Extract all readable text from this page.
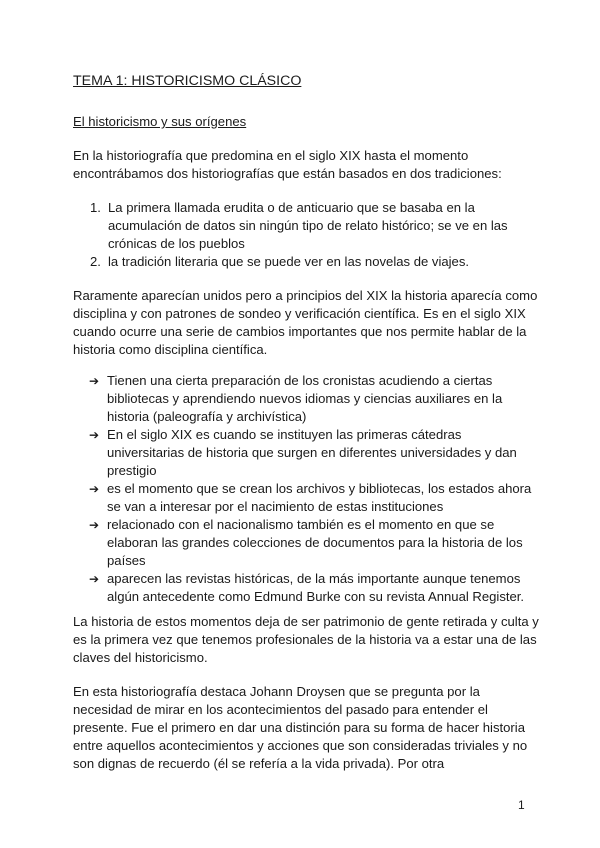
TEMA 1: HISTORICISMO CLÁSICO
El historicismo y sus orígenes

En la historiografía que predomina en el siglo XIX hasta el momento encontrábamos dos historiografías que están basados en dos tradiciones:

1. La primera llamada erudita o de anticuario que se basaba en la acumulación de datos sin ningún tipo de relato histórico; se ve en las crónicas de los pueblos
2. la tradición literaria que se puede ver en las novelas de viajes.

Raramente aparecían unidos pero a principios del XIX la historia aparecía como disciplina y con patrones de sondeo y verificación científica. Es en el siglo XIX cuando ocurre una serie de cambios importantes que nos permite hablar de la historia como disciplina científica.

➔ Tienen una cierta preparación de los cronistas acudiendo a ciertas bibliotecas y aprendiendo nuevos idiomas y ciencias auxiliares en la historia (paleografía y archivística)
➔ En el siglo XIX es cuando se instituyen las primeras cátedras universitarias de historia que surgen en diferentes universidades y dan prestigio
➔ es el momento que se crean los archivos y bibliotecas, los estados ahora se van a interesar por el nacimiento de estas instituciones
➔ relacionado con el nacionalismo también es el momento en que se elaboran las grandes colecciones de documentos para la historia de los países
➔ aparecen las revistas históricas, de la más importante aunque tenemos algún antecedente como Edmund Burke con su revista Annual Register.

La historia de estos momentos deja de ser patrimonio de gente retirada y culta y es la primera vez que tenemos profesionales de la historia va a estar una de las claves del historicismo.

En esta historiografía destaca Johann Droysen que se pregunta por la necesidad de mirar en los acontecimientos del pasado para entender el presente. Fue el primero en dar una distinción para su forma de hacer historia entre aquellos acontecimientos y acciones que son consideradas triviales y no son dignas de recuerdo (él se refería a la vida privada). Por otra

1
